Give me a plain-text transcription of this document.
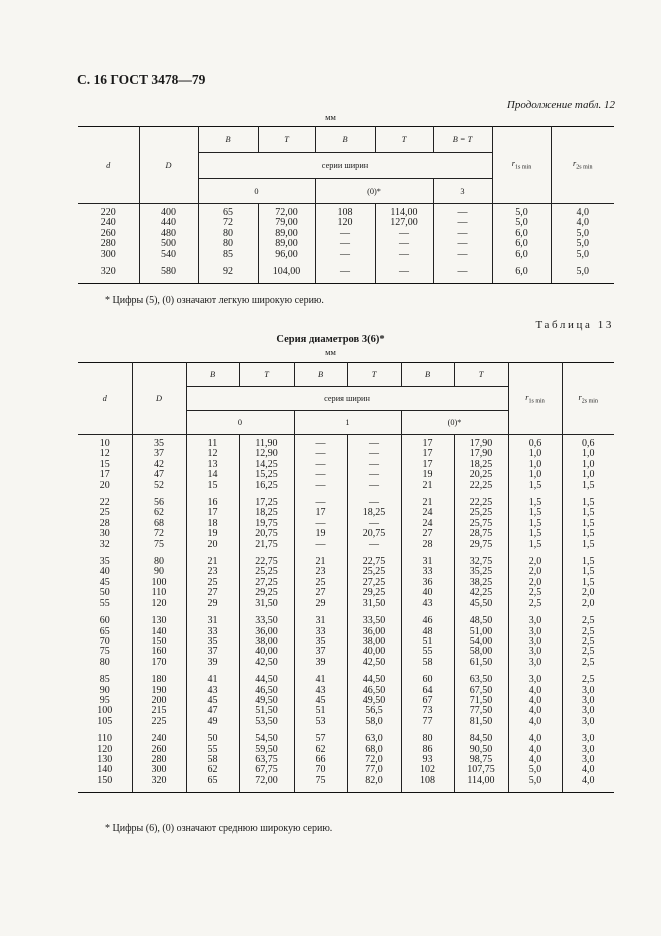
С. 16 ГОСТ 3478—79
Продолжение табл. 12
мм
d	D	B	T	B	T	B = T	$r_{1s min}$	$r_{2s min}$
		серии ширин						
		0		(0)*		3		
220	400	65	72,00	108	114,00	—	5,0	4,0
240	440	72	79,00	120	127,00	—	5,0	4,0
260	480	80	89,00	—	—	—	6,0	5,0
280	500	80	89,00	—	—	—	6,0	5,0
300	540	85	96,00	—	—	—	6,0	5,0
320	580	92	104,00	—	—	—	6,0	5,0
* Цифры (5), (0) означают легкую широкую серию.
Таблица 13
Серия диаметров 3(6)*
мм
d	D	B	T	B	T	B	T	$r_{1s min}$	$r_{2s min}$
		серия ширин							
		0		1		(0)*			
10	35	11	11,90	—	—	17	17,90	0,6	0,6
12	37	12	12,90	—	—	17	17,90	1,0	1,0
15	42	13	14,25	—	—	17	18,25	1,0	1,0
17	47	14	15,25	—	—	19	20,25	1,0	1,0
20	52	15	16,25	—	—	21	22,25	1,5	1,5
22	56	16	17,25	—	—	21	22,25	1,5	1,5
25	62	17	18,25	17	18,25	24	25,25	1,5	1,5
28	68	18	19,75	—	—	24	25,75	1,5	1,5
30	72	19	20,75	19	20,75	27	28,75	1,5	1,5
32	75	20	21,75	—	—	28	29,75	1,5	1,5
35	80	21	22,75	21	22,75	31	32,75	2,0	1,5
40	90	23	25,25	23	25,25	33	35,25	2,0	1,5
45	100	25	27,25	25	27,25	36	38,25	2,0	1,5
50	110	27	29,25	27	29,25	40	42,25	2,5	2,0
55	120	29	31,50	29	31,50	43	45,50	2,5	2,0
60	130	31	33,50	31	33,50	46	48,50	3,0	2,5
65	140	33	36,00	33	36,00	48	51,00	3,0	2,5
70	150	35	38,00	35	38,00	51	54,00	3,0	2,5
75	160	37	40,00	37	40,00	55	58,00	3,0	2,5
80	170	39	42,50	39	42,50	58	61,50	3,0	2,5
85	180	41	44,50	41	44,50	60	63,50	3,0	2,5
90	190	43	46,50	43	46,50	64	67,50	4,0	3,0
95	200	45	49,50	45	49,50	67	71,50	4,0	3,0
100	215	47	51,50	51	56,5	73	77,50	4,0	3,0
105	225	49	53,50	53	58,0	77	81,50	4,0	3,0
110	240	50	54,50	57	63,0	80	84,50	4,0	3,0
120	260	55	59,50	62	68,0	86	90,50	4,0	3,0
130	280	58	63,75	66	72,0	93	98,75	4,0	3,0
140	300	62	67,75	70	77,0	102	107,75	5,0	4,0
150	320	65	72,00	75	82,0	108	114,00	5,0	4,0
* Цифры (6), (0) означают среднюю широкую серию.
